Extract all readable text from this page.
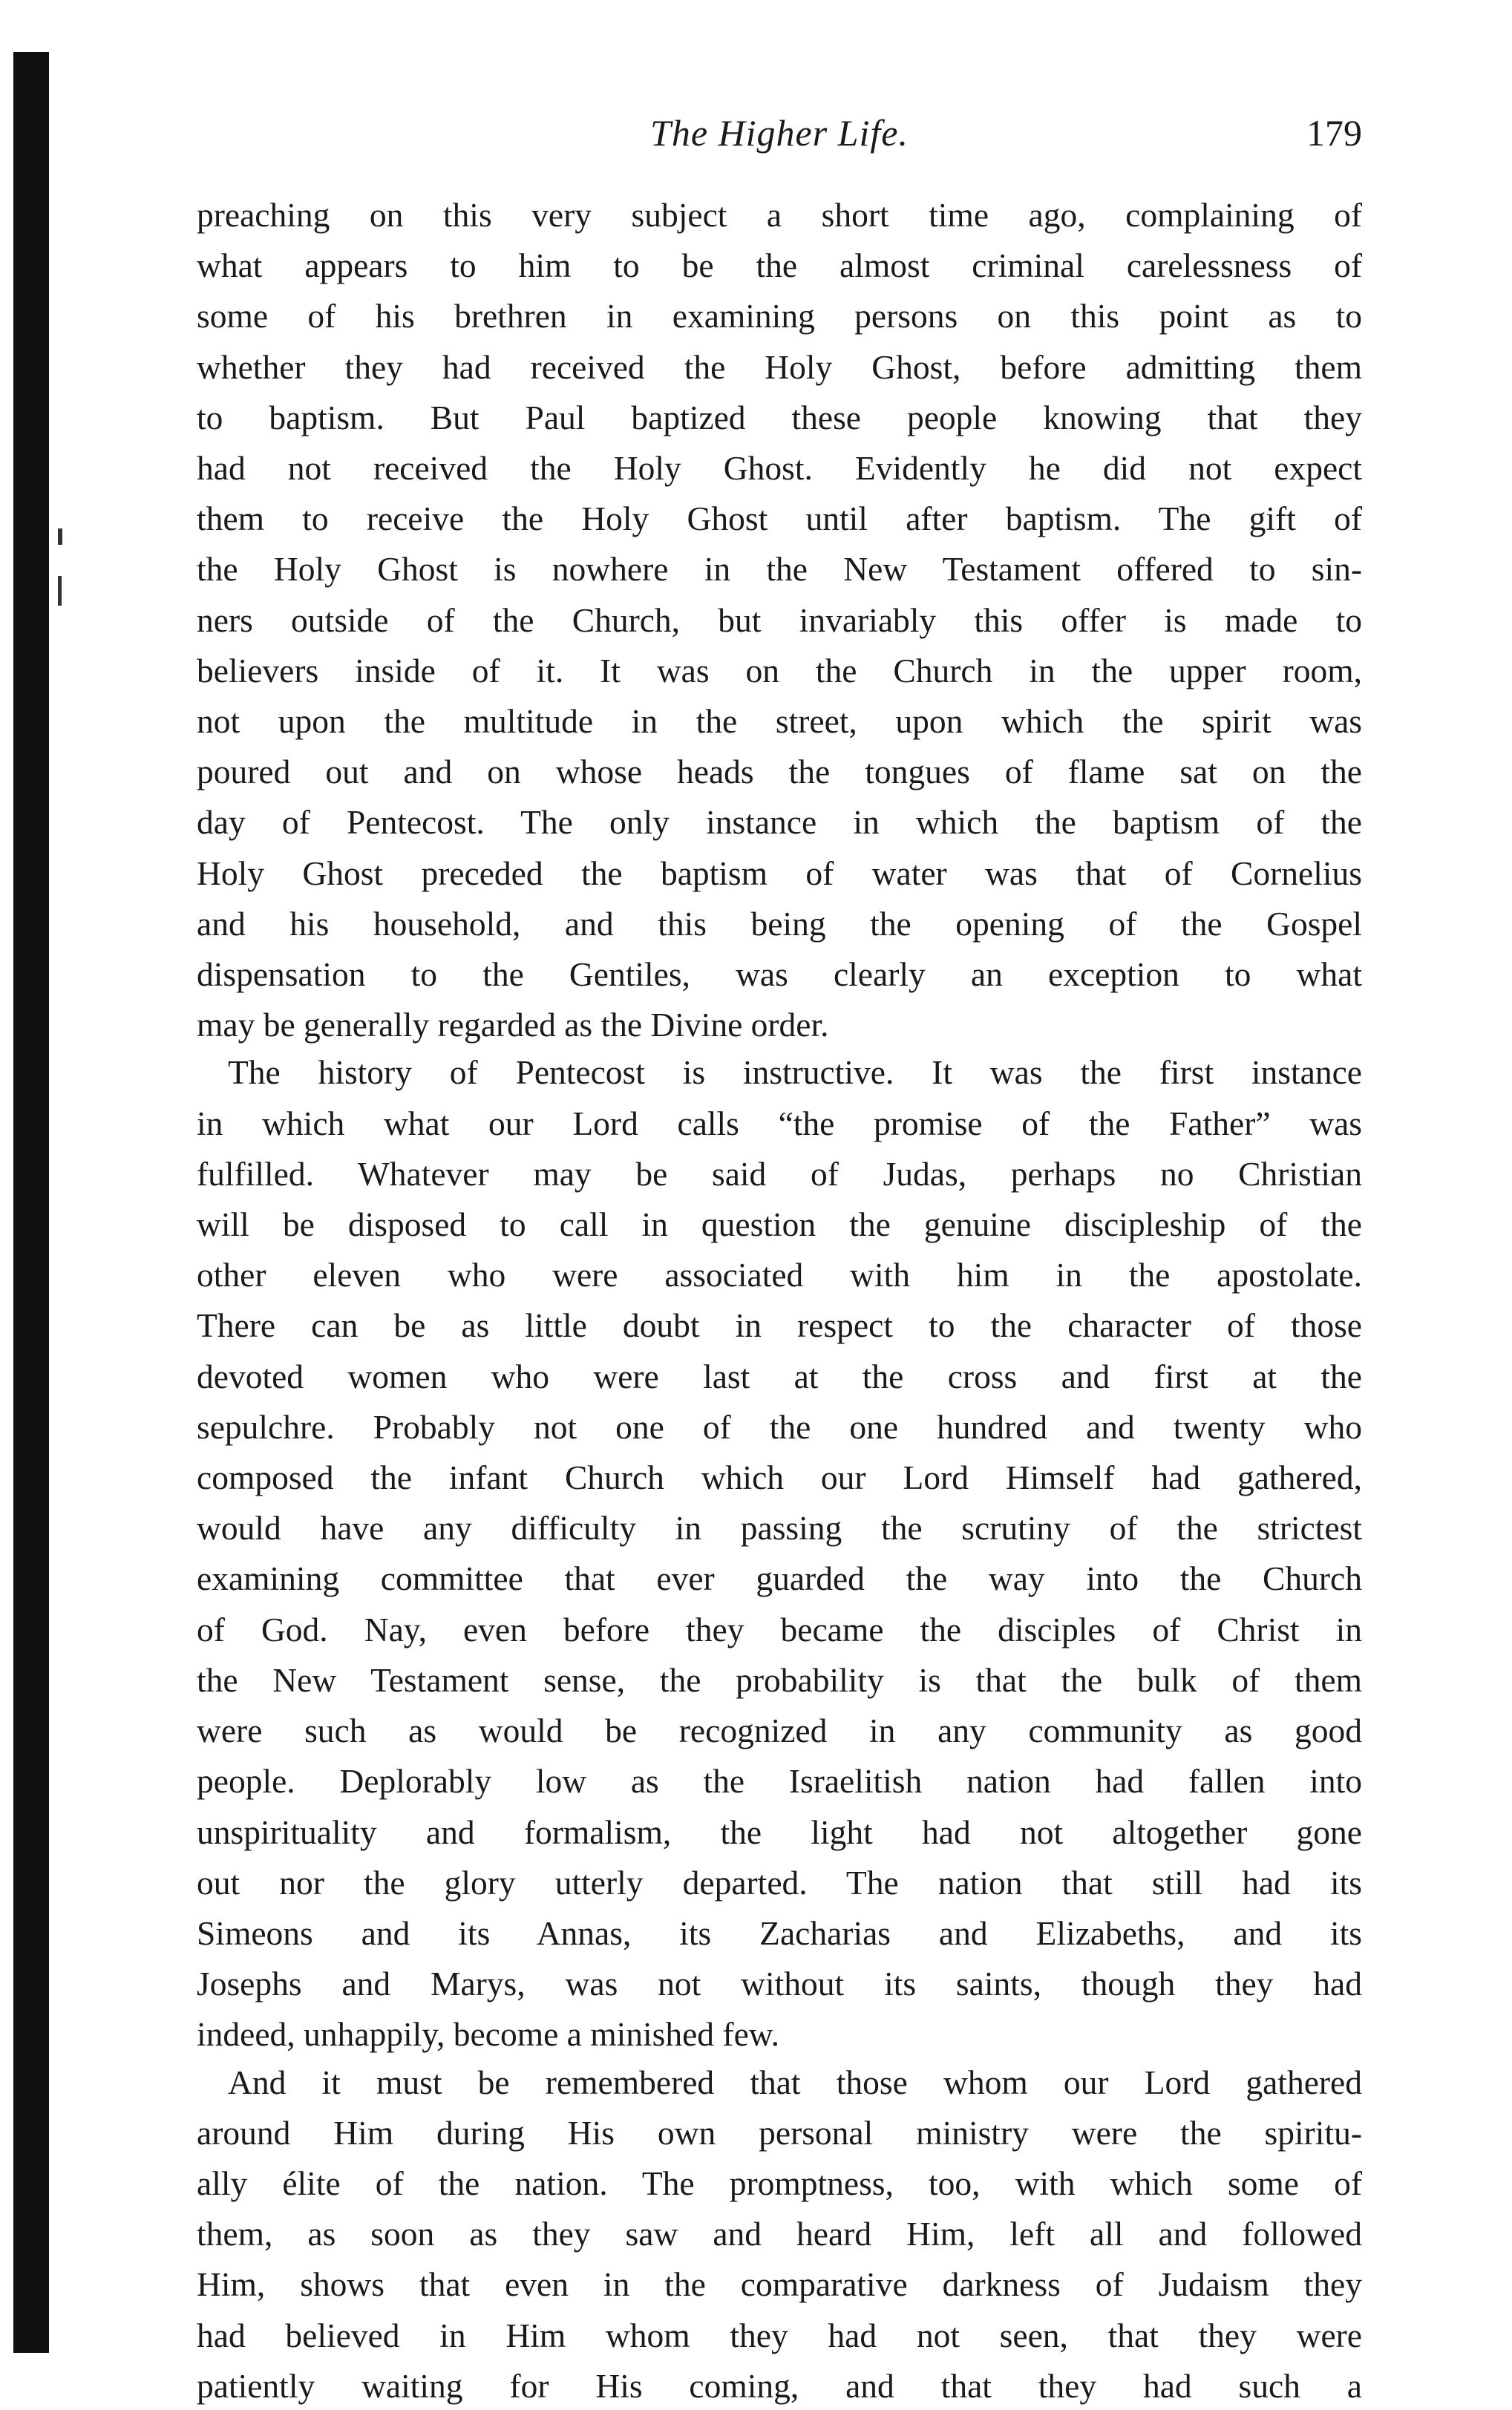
The Higher Life.	179

preaching on this very subject a short time ago, complaining of

what appears to him to be the almost criminal carelessness of

some of his brethren in examining persons on this point as to

whether they had received the Holy Ghost, before admitting them

to baptism. But Paul baptized these people knowing that they

had not received the Holy Ghost. Evidently he did not expect

them to receive the Holy Ghost until after baptism. The gift of

the Holy Ghost is nowhere in the New Testament offered to sin-

ners outside of the Church, but invariably this offer is made to

believers inside of it. It was on the Church in the upper room,

not upon the multitude in the street, upon which the spirit was

poured out and on whose heads the tongues of flame sat on the

day of Pentecost. The only instance in which the baptism of the

Holy Ghost preceded the baptism of water was that of Cornelius

and his household, and this being the opening of the Gospel

dispensation to the Gentiles, was clearly an exception to what

may be generally regarded as the Divine order.

The history of Pentecost is instructive. It was the first instance

in which what our Lord calls “the promise of the Father” was

fulfilled. Whatever may be said of Judas, perhaps no Christian

will be disposed to call in question the genuine discipleship of the

other eleven who were associated with him in the apostolate.

There can be as little doubt in respect to the character of those

devoted women who were last at the cross and first at the

sepulchre. Probably not one of the one hundred and twenty who

composed the infant Church which our Lord Himself had gathered,

would have any difficulty in passing the scrutiny of the strictest

examining committee that ever guarded the way into the Church

of God. Nay, even before they became the disciples of Christ in

the New Testament sense, the probability is that the bulk of them

were such as would be recognized in any community as good

people. Deplorably low as the Israelitish nation had fallen into

unspirituality and formalism, the light had not altogether gone

out nor the glory utterly departed. The nation that still had its

Simeons and its Annas, its Zacharias and Elizabeths, and its

Josephs and Marys, was not without its saints, though they had

indeed, unhappily, become a minished few.

And it must be remembered that those whom our Lord gathered

around Him during His own personal ministry were the spiritu-

ally élite of the nation. The promptness, too, with which some of

them, as soon as they saw and heard Him, left all and followed

Him, shows that even in the comparative darkness of Judaism they

had believed in Him whom they had not seen, that they were

patiently waiting for His coming, and that they had such a
